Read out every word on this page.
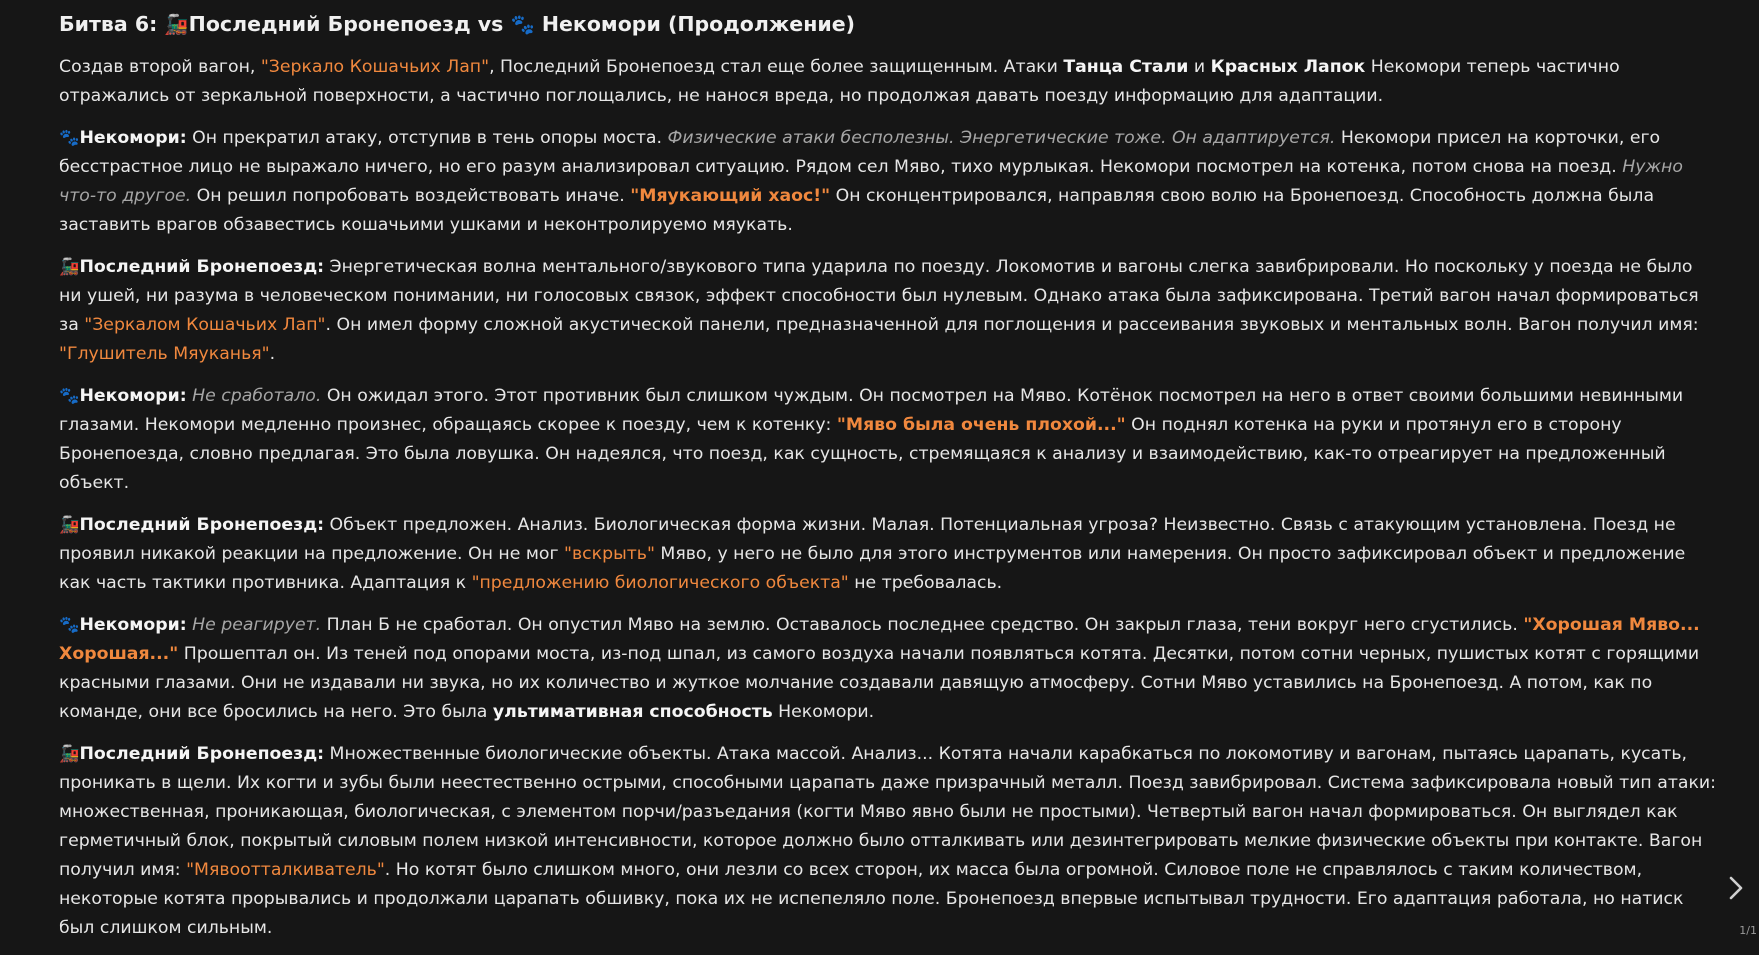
Битва 6: 🚂Последний Бронепоезд vs 🐾 Некомори (Продолжение)

Создав второй вагон, "Зеркало Кошачьих Лап", Последний Бронепоезд стал еще более защищенным. Атаки Танца Стали и Красных Лапок Некомори теперь частично отражались от зеркальной поверхности, а частично поглощались, не нанося вреда, но продолжая давать поезду информацию для адаптации.

🐾Некомори: Он прекратил атаку, отступив в тень опоры моста. Физические атаки бесполезны. Энергетические тоже. Он адаптируется. Некомори присел на корточки, его бесстрастное лицо не выражало ничего, но его разум анализировал ситуацию. Рядом сел Мяво, тихо мурлыкая. Некомори посмотрел на котенка, потом снова на поезд. Нужно что-то другое. Он решил попробовать воздействовать иначе. "Мяукающий хаос!" Он сконцентрировался, направляя свою волю на Бронепоезд. Способность должна была заставить врагов обзавестись кошачьими ушками и неконтролируемо мяукать.

🚂Последний Бронепоезд: Энергетическая волна ментального/звукового типа ударила по поезду. Локомотив и вагоны слегка завибрировали. Но поскольку у поезда не было ни ушей, ни разума в человеческом понимании, ни голосовых связок, эффект способности был нулевым. Однако атака была зафиксирована. Третий вагон начал формироваться за "Зеркалом Кошачьих Лап". Он имел форму сложной акустической панели, предназначенной для поглощения и рассеивания звуковых и ментальных волн. Вагон получил имя: "Глушитель Мяуканья".

🐾Некомори: Не сработало. Он ожидал этого. Этот противник был слишком чуждым. Он посмотрел на Мяво. Котёнок посмотрел на него в ответ своими большими невинными глазами. Некомори медленно произнес, обращаясь скорее к поезду, чем к котенку: "Мяво была очень плохой..." Он поднял котенка на руки и протянул его в сторону Бронепоезда, словно предлагая. Это была ловушка. Он надеялся, что поезд, как сущность, стремящаяся к анализу и взаимодействию, как-то отреагирует на предложенный объект.

🚂Последний Бронепоезд: Объект предложен. Анализ. Биологическая форма жизни. Малая. Потенциальная угроза? Неизвестно. Связь с атакующим установлена. Поезд не проявил никакой реакции на предложение. Он не мог "вскрыть" Мяво, у него не было для этого инструментов или намерения. Он просто зафиксировал объект и предложение как часть тактики противника. Адаптация к "предложению биологического объекта" не требовалась.

🐾Некомори: Не реагирует. План Б не сработал. Он опустил Мяво на землю. Оставалось последнее средство. Он закрыл глаза, тени вокруг него сгустились. "Хорошая Мяво... Хорошая..." Прошептал он. Из теней под опорами моста, из-под шпал, из самого воздуха начали появляться котята. Десятки, потом сотни черных, пушистых котят с горящими красными глазами. Они не издавали ни звука, но их количество и жуткое молчание создавали давящую атмосферу. Сотни Мяво уставились на Бронепоезд. А потом, как по команде, они все бросились на него. Это была ультимативная способность Некомори.

🚂Последний Бронепоезд: Множественные биологические объекты. Атака массой. Анализ... Котята начали карабкаться по локомотиву и вагонам, пытаясь царапать, кусать, проникать в щели. Их когти и зубы были неестественно острыми, способными царапать даже призрачный металл. Поезд завибрировал. Система зафиксировала новый тип атаки: множественная, проникающая, биологическая, с элементом порчи/разъедания (когти Мяво явно были не простыми). Четвертый вагон начал формироваться. Он выглядел как герметичный блок, покрытый силовым полем низкой интенсивности, которое должно было отталкивать или дезинтегрировать мелкие физические объекты при контакте. Вагон получил имя: "Мявоотталкиватель". Но котят было слишком много, они лезли со всех сторон, их масса была огромной. Силовое поле не справлялось с таким количеством, некоторые котята прорывались и продолжали царапать обшивку, пока их не испепеляло поле. Бронепоезд впервые испытывал трудности. Его адаптация работала, но натиск был слишком сильным.	1/1
